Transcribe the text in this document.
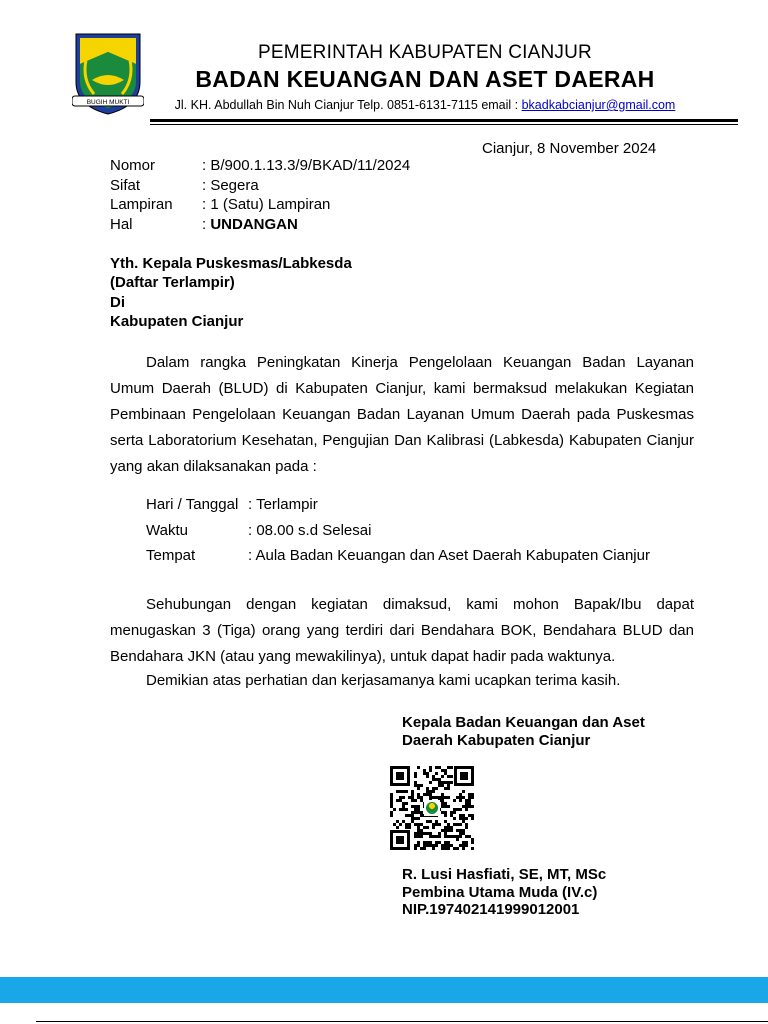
BUGIH MUKTI
PEMERINTAH KABUPATEN CIANJUR
BADAN KEUANGAN DAN ASET DAERAH
Jl. KH. Abdullah Bin Nuh Cianjur Telp. 0851-6131-7115 email : bkadkabcianjur@gmail.com
Cianjur, 8 November 2024
Nomor	: B/900.1.13.3/9/BKAD/11/2024
Sifat	: Segera
Lampiran	: 1 (Satu) Lampiran
Hal	: UNDANGAN
Yth. Kepala Puskesmas/Labkesda
(Daftar Terlampir)
Di
Kabupaten Cianjur
Dalam rangka Peningkatan Kinerja Pengelolaan Keuangan Badan Layanan Umum Daerah (BLUD) di Kabupaten Cianjur, kami bermaksud melakukan Kegiatan Pembinaan Pengelolaan Keuangan Badan Layanan Umum Daerah pada Puskesmas serta Laboratorium Kesehatan, Pengujian Dan Kalibrasi (Labkesda) Kabupaten Cianjur yang akan dilaksanakan pada :
Hari / Tanggal : Terlampir
Waktu	: 08.00 s.d Selesai
Tempat	: Aula Badan Keuangan dan Aset Daerah Kabupaten Cianjur
Sehubungan dengan kegiatan dimaksud, kami mohon Bapak/Ibu dapat menugaskan 3 (Tiga) orang yang terdiri dari Bendahara BOK, Bendahara BLUD dan Bendahara JKN (atau yang mewakilinya), untuk dapat hadir pada waktunya.
Demikian atas perhatian dan kerjasamanya kami ucapkan terima kasih.
Kepala Badan Keuangan dan Aset
Daerah Kabupaten Cianjur
R. Lusi Hasfiati, SE, MT, MSc
Pembina Utama Muda (IV.c)
NIP.197402141999012001
